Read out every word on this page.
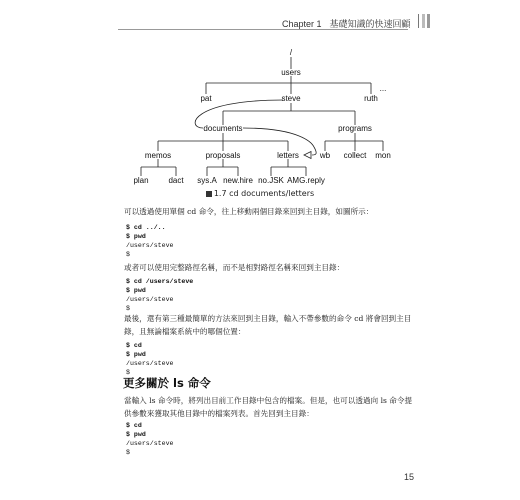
Chapter 1 基礎知識的快速回顧
/
users
pat	steve
...
ruth
documents	programs
memos	proposals	letters	wb collect mon
plan dact sys.A new.hire no.JSK AMG.reply
1.7 cd documents/letters
可以透過使用單個 cd 命令，往上移動兩個目錄來回到主目錄，如圖所示：
$ cd ../..
$ pwd
/users/steve
$
或者可以使用完整路徑名稱，而不是相對路徑名稱來回到主目錄：
$ cd /users/steve
$ pwd
/users/steve
$
最後，還有第三種最簡單的方法來回到主目錄，輸入不帶參數的命令 cd 將會回到主目錄，且無論檔案系統中的哪個位置：
$ cd
$ pwd
/users/steve
$
更多關於 ls 命令
當輸入 ls 命令時，將列出目前工作目錄中包含的檔案。但是，也可以透過向 ls 命令提供參數來獲取其他目錄中的檔案列表。首先回到主目錄：
$ cd
$ pwd
/users/steve
$
15
